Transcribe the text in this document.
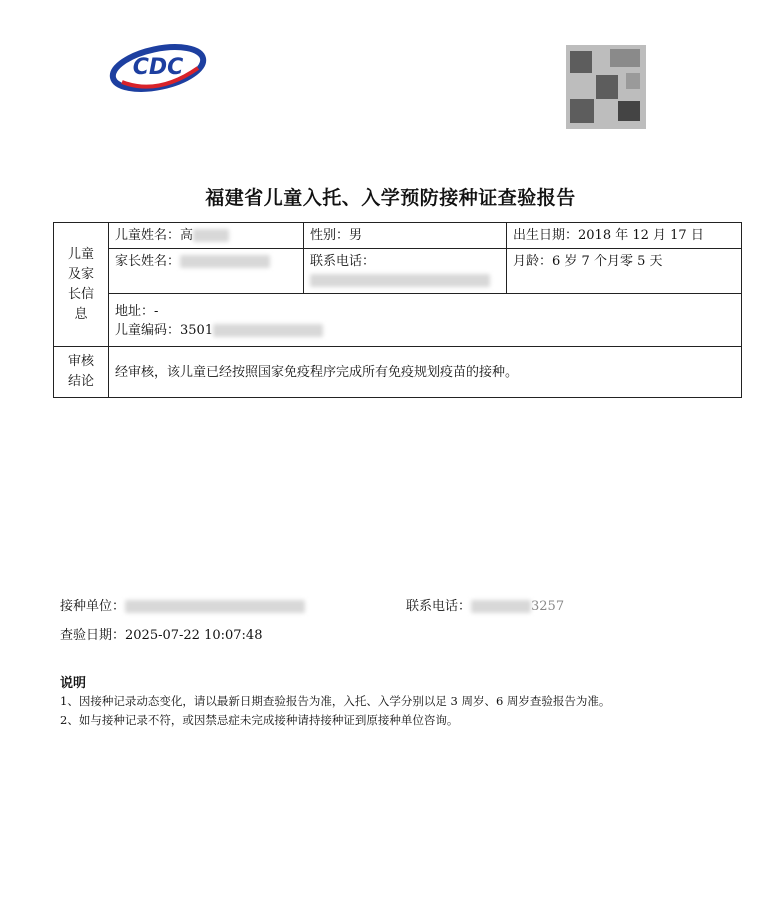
CDC
福建省儿童入托、入学预防接种证查验报告
儿童
及家
长信
息	儿童姓名：高	性别：男	出生日期：2018 年 12 月 17 日
	家长姓名：	联系电话：	月龄：6 岁 7 个月零 5 天

	地址：-
儿童编码：3501		

审核
结论	经审核，该儿童已经按照国家免疫程序完成所有免疫规划疫苗的接种。		
接种单位：	联系电话：	3257
查验日期：2025-07-22 10:07:48
说明
1、因接种记录动态变化，请以最新日期查验报告为准，入托、入学分别以足 3 周岁、6 周岁查验报告为准。
2、如与接种记录不符，或因禁忌症未完成接种请持接种证到原接种单位咨询。
